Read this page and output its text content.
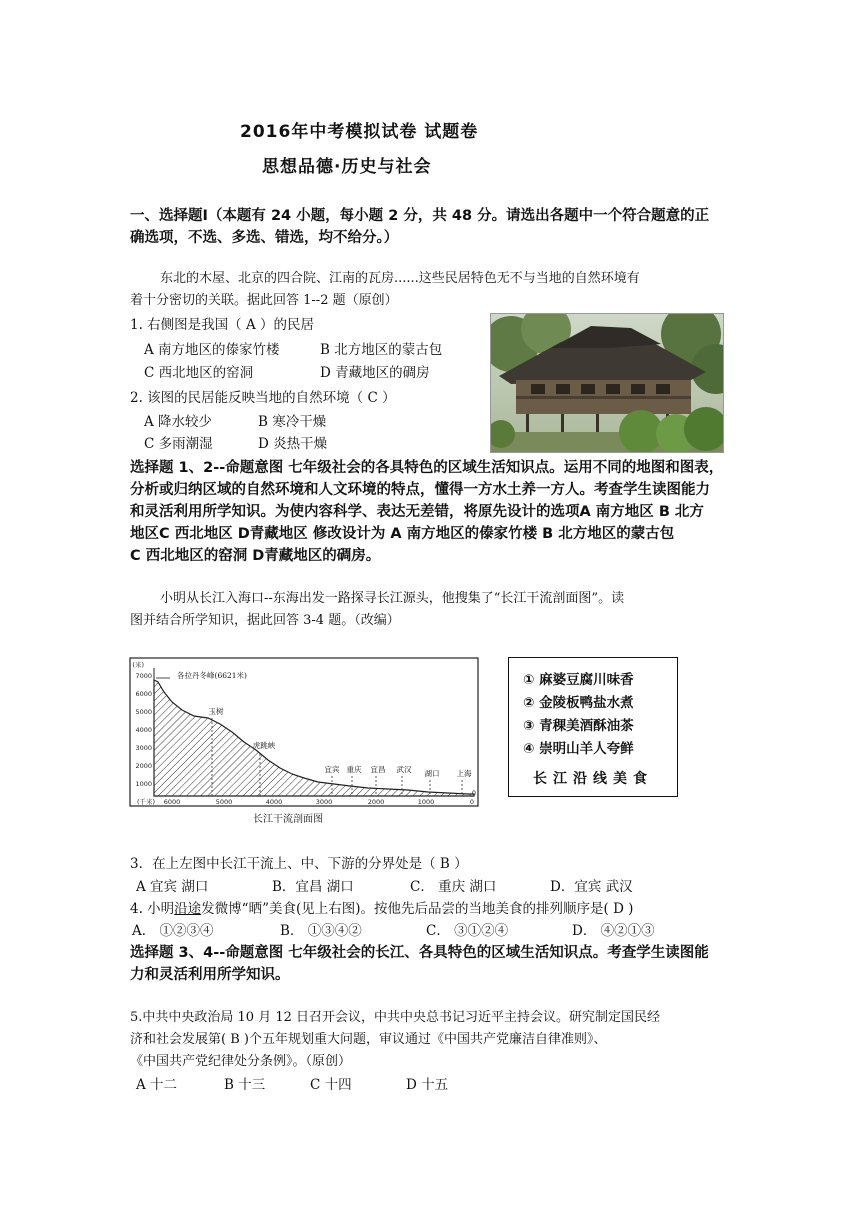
2016年中考模拟试卷 试题卷
思想品德·历史与社会
一、选择题Ⅰ（本题有 24 小题，每小题 2 分，共 48 分。请选出各题中一个符合题意的正
确选项，不选、多选、错选，均不给分。）
东北的木屋、北京的四合院、江南的瓦房......这些民居特色无不与当地的自然环境有
着十分密切的关联。据此回答 1--2 题（原创）
1. 右侧图是我国（ A ）的民居
A 南方地区的傣家竹楼	B 北方地区的蒙古包
C 西北地区的窑洞	D 青藏地区的碉房
2. 该图的民居能反映当地的自然环境（ C ）
A 降水较少	B 寒冷干燥
C 多雨潮湿	D 炎热干燥
选择题 1、2--命题意图 七年级社会的各具特色的区域生活知识点。运用不同的地图和图表，
分析或归纳区域的自然环境和人文环境的特点，懂得一方水土养一方人。考查学生读图能力
和灵活利用所学知识。为使内容科学、表达无差错，将原先设计的选项A 南方地区 B 北方
地区C 西北地区 D青藏地区 修改设计为 A 南方地区的傣家竹楼 B 北方地区的蒙古包
C 西北地区的窑洞 D青藏地区的碉房。
小明从长江入海口--东海出发一路探寻长江源头，他搜集了“长江干流剖面图”。读
图并结合所学知识，据此回答 3-4 题。（改编）
(米)
7000
6000
5000
4000
3000
2000
1000
0
(千米) 6000	5000	4000	3000	2000	1000	0
各拉丹冬峰(6621米)
玉树
虎跳峡
宜宾 重庆 宜昌 武汉 湖口 上海
长江干流剖面图
① 麻婆豆腐川味香
② 金陵板鸭盐水煮
③ 青稞美酒酥油茶
④ 崇明山羊人夸鲜
长江沿线美食
3．在上左图中长江干流上、中、下游的分界处是（ B ）
A 宜宾 湖口	B．宜昌 湖口	C． 重庆 湖口	D．宜宾 武汉
4. 小明沿途发微博“晒”美食(见上右图)。按他先后品尝的当地美食的排列顺序是( D )
A． ①②③④	B． ①③④②	C． ③①②④	D． ④②①③
选择题 3、4--命题意图 七年级社会的长江、各具特色的区域生活知识点。考查学生读图能
力和灵活利用所学知识。
5.中共中央政治局 10 月 12 日召开会议，中共中央总书记习近平主持会议。研究制定国民经
济和社会发展第( B )个五年规划重大问题，审议通过《中国共产党廉洁自律准则》、
《中国共产党纪律处分条例》。（原创）
A 十二	B 十三	C 十四	D 十五
